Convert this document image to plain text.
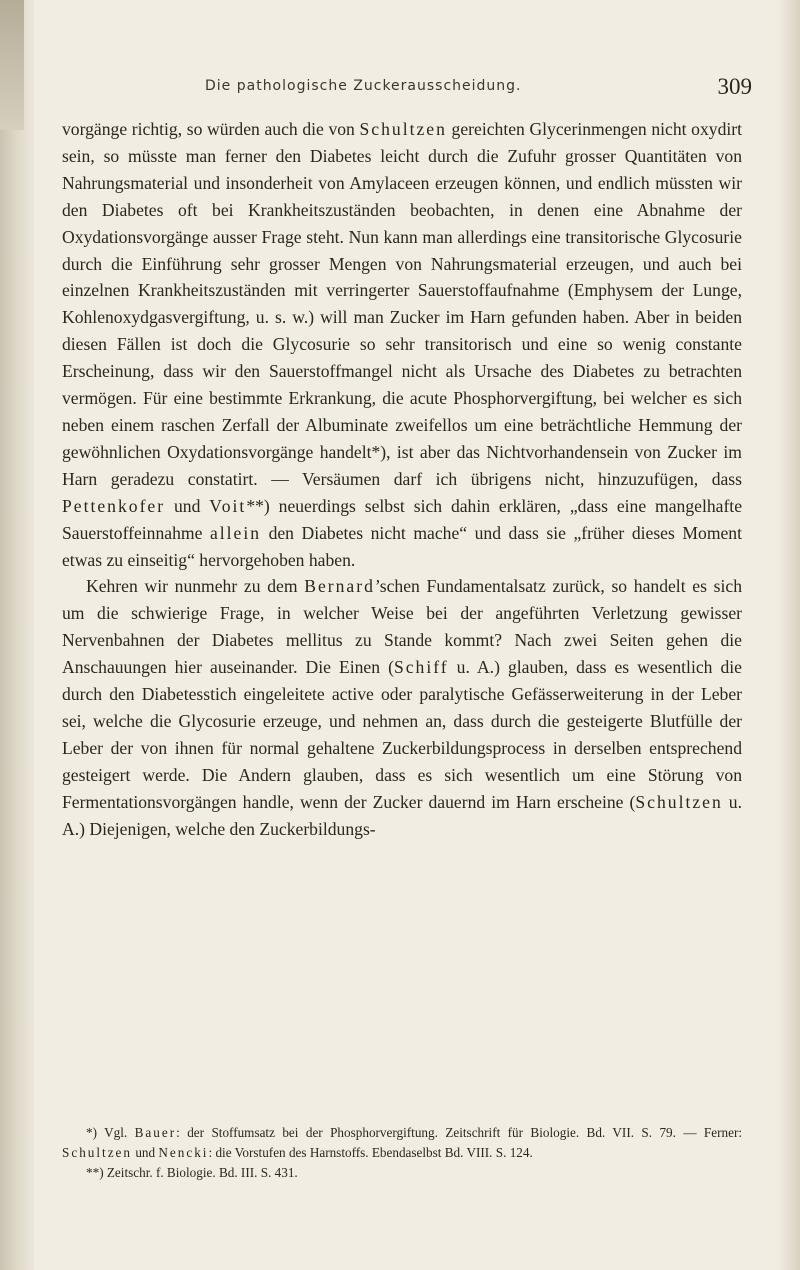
Die pathologische Zuckerausscheidung.	309

vorgänge richtig, so würden auch die von Schultzen gereichten Glycerinmengen nicht oxydirt sein, so müsste man ferner den Diabetes leicht durch die Zufuhr grosser Quantitäten von Nahrungsmaterial und insonderheit von Amylaceen erzeugen können, und endlich müssten wir den Diabetes oft bei Krankheitszuständen beobachten, in denen eine Abnahme der Oxydationsvorgänge ausser Frage steht. Nun kann man allerdings eine transitorische Glycosurie durch die Einführung sehr grosser Mengen von Nahrungsmaterial erzeugen, und auch bei einzelnen Krankheitszuständen mit verringerter Sauerstoffaufnahme (Emphysem der Lunge, Kohlenoxydgasvergiftung, u. s. w.) will man Zucker im Harn gefunden haben. Aber in beiden diesen Fällen ist doch die Glycosurie so sehr transitorisch und eine so wenig constante Erscheinung, dass wir den Sauerstoffmangel nicht als Ursache des Diabetes zu betrachten vermögen. Für eine bestimmte Erkrankung, die acute Phosphorvergiftung, bei welcher es sich neben einem raschen Zerfall der Albuminate zweifellos um eine beträchtliche Hemmung der gewöhnlichen Oxydationsvorgänge handelt*), ist aber das Nichtvorhandensein von Zucker im Harn geradezu constatirt. — Versäumen darf ich übrigens nicht, hinzuzufügen, dass Pettenkofer und Voit**) neuerdings selbst sich dahin erklären, „dass eine mangelhafte Sauerstoffeinnahme allein den Diabetes nicht mache“ und dass sie „früher dieses Moment etwas zu einseitig“ hervorgehoben haben.

Kehren wir nunmehr zu dem Bernard’schen Fundamentalsatz zurück, so handelt es sich um die schwierige Frage, in welcher Weise bei der angeführten Verletzung gewisser Nervenbahnen der Diabetes mellitus zu Stande kommt? Nach zwei Seiten gehen die Anschauungen hier auseinander. Die Einen (Schiff u. A.) glauben, dass es wesentlich die durch den Diabetesstich eingeleitete active oder paralytische Gefässerweiterung in der Leber sei, welche die Glycosurie erzeuge, und nehmen an, dass durch die gesteigerte Blutfülle der Leber der von ihnen für normal gehaltene Zuckerbildungsprocess in derselben entsprechend gesteigert werde. Die Andern glauben, dass es sich wesentlich um eine Störung von Fermentationsvorgängen handle, wenn der Zucker dauernd im Harn erscheine (Schultzen u. A.) Diejenigen, welche den Zuckerbildungs-

*) Vgl. Bauer: der Stoffumsatz bei der Phosphorvergiftung. Zeitschrift für Biologie. Bd. VII. S. 79. — Ferner: Schultzen und Nencki: die Vorstufen des Harnstoffs. Ebendaselbst Bd. VIII. S. 124.

**) Zeitschr. f. Biologie. Bd. III. S. 431.
